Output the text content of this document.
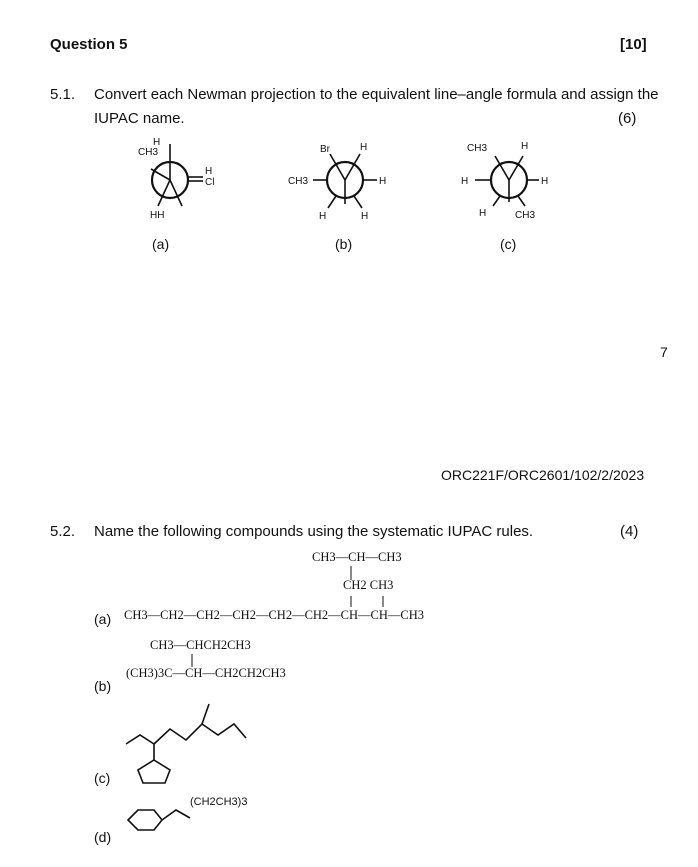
Question 5	[10]
5.1. Convert each Newman projection to the equivalent line–angle formula and assign the
IUPAC name.	(6)
CH3
H
H
Cl
HH
(a)
Br	H
CH3	H
H	H
(b)
CH3	H
H	H
H	CH3
(c)
7
ORC221F/ORC2601/102/2/2023
5.2. Name the following compounds using the systematic IUPAC rules.	(4)
CH3—CH—CH3
CH2 CH3
(a) CH3—CH2—CH2—CH2—CH2—CH2—CH—CH—CH3
CH3—CHCH2CH3
(CH3)3C—CH—CH2CH2CH3
(b)
(c)
(CH2CH3)3
(d)
